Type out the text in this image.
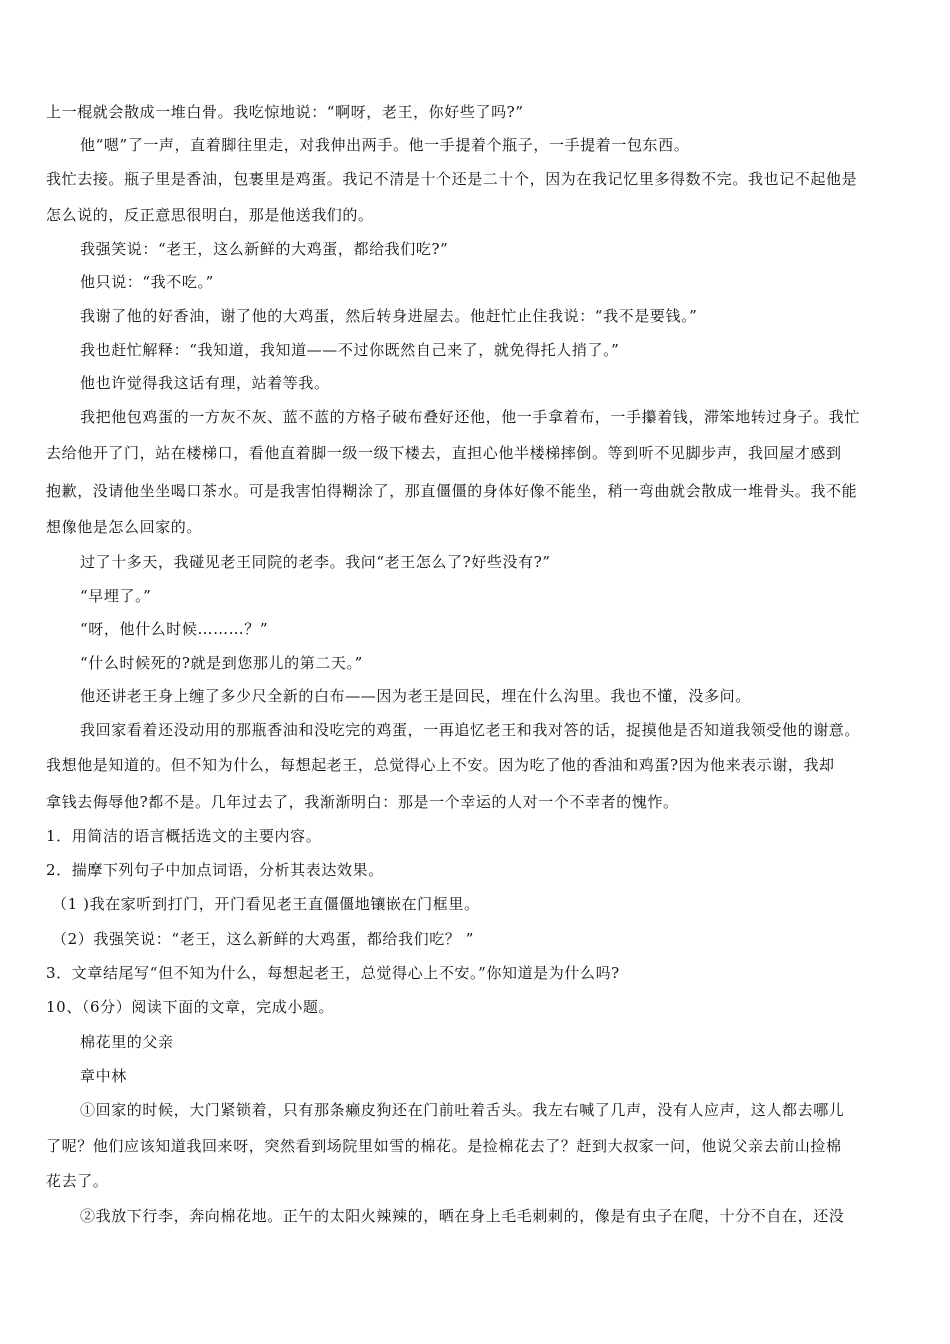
上一棍就会散成一堆白骨。我吃惊地说：“啊呀，老王，你好些了吗?”
他“嗯”了一声，直着脚往里走，对我伸出两手。他一手提着个瓶子，一手提着一包东西。
我忙去接。瓶子里是香油，包裹里是鸡蛋。我记不清是十个还是二十个，因为在我记忆里多得数不完。我也记不起他是
怎么说的，反正意思很明白，那是他送我们的。
我强笑说：“老王，这么新鲜的大鸡蛋，都给我们吃?”
他只说：“我不吃。”
我谢了他的好香油，谢了他的大鸡蛋，然后转身进屋去。他赶忙止住我说：“我不是要钱。”
我也赶忙解释：“我知道，我知道——不过你既然自己来了，就免得托人捎了。”
他也许觉得我这话有理，站着等我。
我把他包鸡蛋的一方灰不灰、蓝不蓝的方格子破布叠好还他，他一手拿着布，一手攥着钱，滞笨地转过身子。我忙
去给他开了门，站在楼梯口，看他直着脚一级一级下楼去，直担心他半楼梯摔倒。等到听不见脚步声，我回屋才感到
抱歉，没请他坐坐喝口茶水。可是我害怕得糊涂了，那直僵僵的身体好像不能坐，稍一弯曲就会散成一堆骨头。我不能
想像他是怎么回家的。
过了十多天，我碰见老王同院的老李。我问“老王怎么了?好些没有?”
“早埋了。”
“呀，他什么时候………？”
“什么时候死的?就是到您那儿的第二天。”
他还讲老王身上缠了多少尺全新的白布——因为老王是回民，埋在什么沟里。我也不懂，没多问。
我回家看着还没动用的那瓶香油和没吃完的鸡蛋，一再追忆老王和我对答的话，捉摸他是否知道我领受他的谢意。
我想他是知道的。但不知为什么，每想起老王，总觉得心上不安。因为吃了他的香油和鸡蛋?因为他来表示谢，我却
拿钱去侮辱他?都不是。几年过去了，我渐渐明白：那是一个幸运的人对一个不幸者的愧怍。
1．用简洁的语言概括选文的主要内容。
2．揣摩下列句子中加点词语，分析其表达效果。
（1 )我在家听到打门，开门看见老王直僵僵地镶嵌在门框里。
（2）我强笑说：“老王，这么新鲜的大鸡蛋，都给我们吃？ ”
3．文章结尾写“但不知为什么，每想起老王，总觉得心上不安。”你知道是为什么吗?
10、（6分）阅读下面的文章，完成小题。
棉花里的父亲
章中林
①回家的时候，大门紧锁着，只有那条癞皮狗还在门前吐着舌头。我左右喊了几声，没有人应声，这人都去哪儿
了呢？他们应该知道我回来呀，突然看到场院里如雪的棉花。是捡棉花去了？赶到大叔家一问，他说父亲去前山捡棉
花去了。
②我放下行李，奔向棉花地。正午的太阳火辣辣的，晒在身上毛毛刺刺的，像是有虫子在爬，十分不自在，还没
